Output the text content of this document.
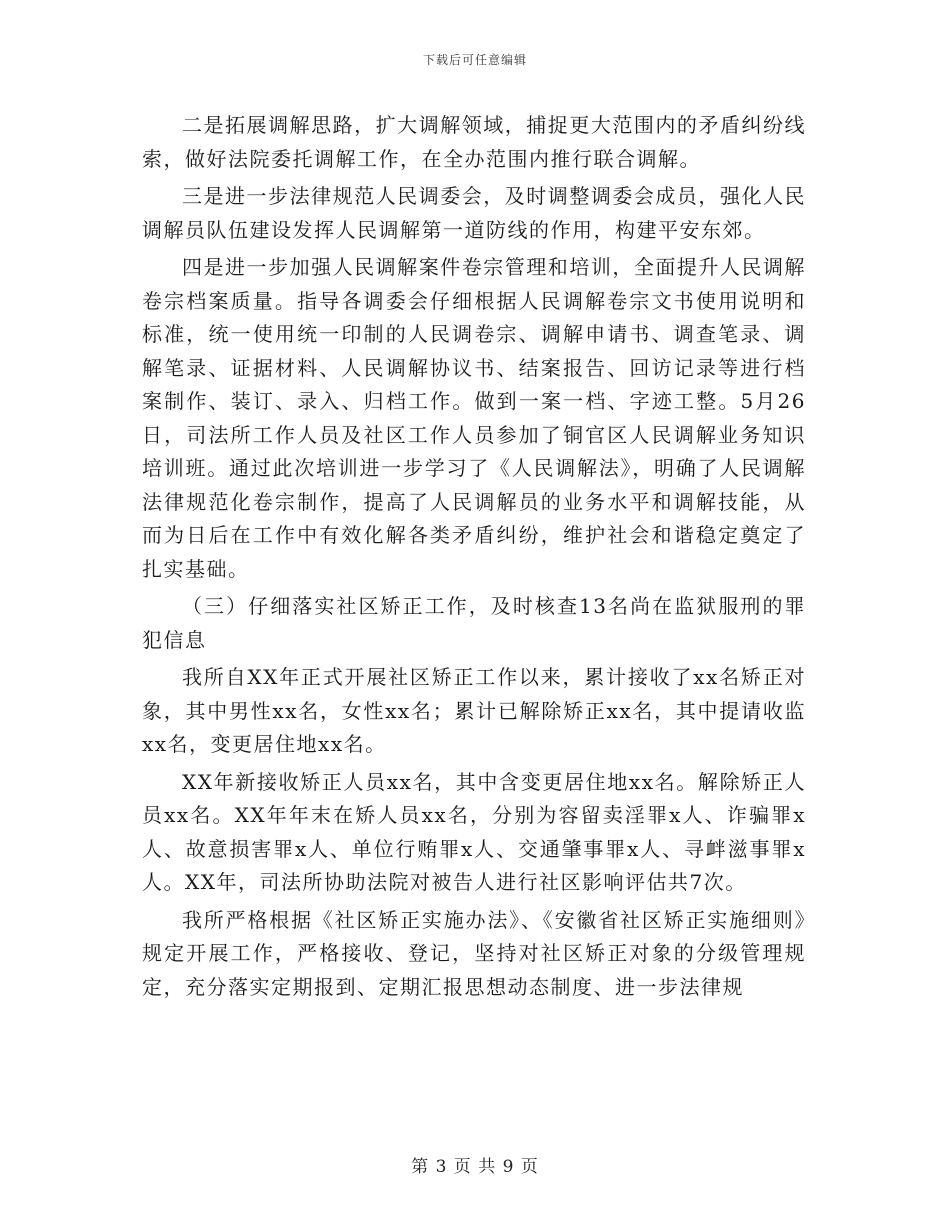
下载后可任意编辑

二是拓展调解思路，扩大调解领域，捕捉更大范围内的矛盾纠纷线索，做好法院委托调解工作，在全办范围内推行联合调解。

三是进一步法律规范人民调委会，及时调整调委会成员，强化人民调解员队伍建设发挥人民调解第一道防线的作用，构建平安东郊。

四是进一步加强人民调解案件卷宗管理和培训，全面提升人民调解卷宗档案质量。指导各调委会仔细根据人民调解卷宗文书使用说明和标准，统一使用统一印制的人民调卷宗、调解申请书、调查笔录、调解笔录、证据材料、人民调解协议书、结案报告、回访记录等进行档案制作、装订、录入、归档工作。做到一案一档、字迹工整。5月26日，司法所工作人员及社区工作人员参加了铜官区人民调解业务知识培训班。通过此次培训进一步学习了《人民调解法》，明确了人民调解法律规范化卷宗制作，提高了人民调解员的业务水平和调解技能，从而为日后在工作中有效化解各类矛盾纠纷，维护社会和谐稳定奠定了扎实基础。

（三）仔细落实社区矫正工作，及时核查13名尚在监狱服刑的罪犯信息

我所自XX年正式开展社区矫正工作以来，累计接收了xx名矫正对象，其中男性xx名，女性xx名；累计已解除矫正xx名，其中提请收监xx名，变更居住地xx名。

XX年新接收矫正人员xx名，其中含变更居住地xx名。解除矫正人员xx名。XX年年末在矫人员xx名，分别为容留卖淫罪x人、诈骗罪x人、故意损害罪x人、单位行贿罪x人、交通肇事罪x人、寻衅滋事罪x人。XX年，司法所协助法院对被告人进行社区影响评估共7次。

我所严格根据《社区矫正实施办法》、《安徽省社区矫正实施细则》规定开展工作，严格接收、登记，坚持对社区矫正对象的分级管理规定，充分落实定期报到、定期汇报思想动态制度、进一步法律规

第 3 页 共 9 页
